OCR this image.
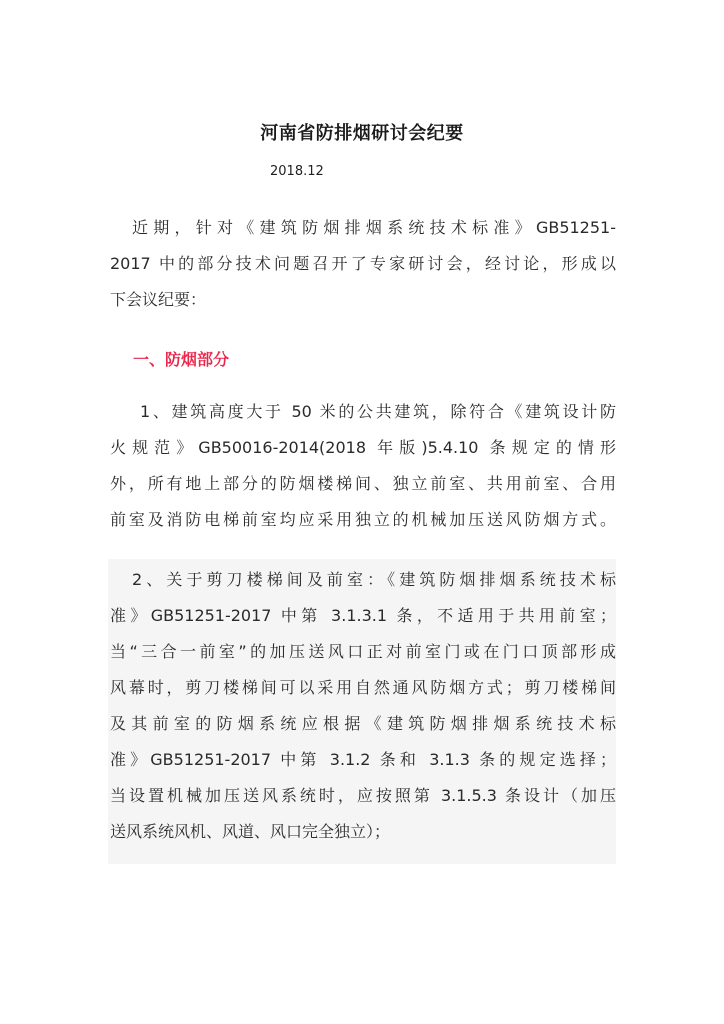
河南省防排烟研讨会纪要
2018.12
近期，针对《建筑防烟排烟系统技术标准》GB51251-
2017 中的部分技术问题召开了专家研讨会，经讨论，形成以
下会议纪要：
一、防烟部分
1、建筑高度大于 50 米的公共建筑，除符合《建筑设计防
火规范》GB50016-2014(2018 年版)5.4.10 条规定的情形
外，所有地上部分的防烟楼梯间、独立前室、共用前室、合用
前室及消防电梯前室均应采用独立的机械加压送风防烟方式。
2、关于剪刀楼梯间及前室：《建筑防烟排烟系统技术标
准》GB51251-2017 中第 3.1.3.1 条，不适用于共用前室；
当“三合一前室”的加压送风口正对前室门或在门口顶部形成
风幕时，剪刀楼梯间可以采用自然通风防烟方式；剪刀楼梯间
及其前室的防烟系统应根据《建筑防烟排烟系统技术标
准》GB51251-2017 中第 3.1.2 条和 3.1.3 条的规定选择；
当设置机械加压送风系统时，应按照第 3.1.5.3 条设计（加压
送风系统风机、风道、风口完全独立）；
